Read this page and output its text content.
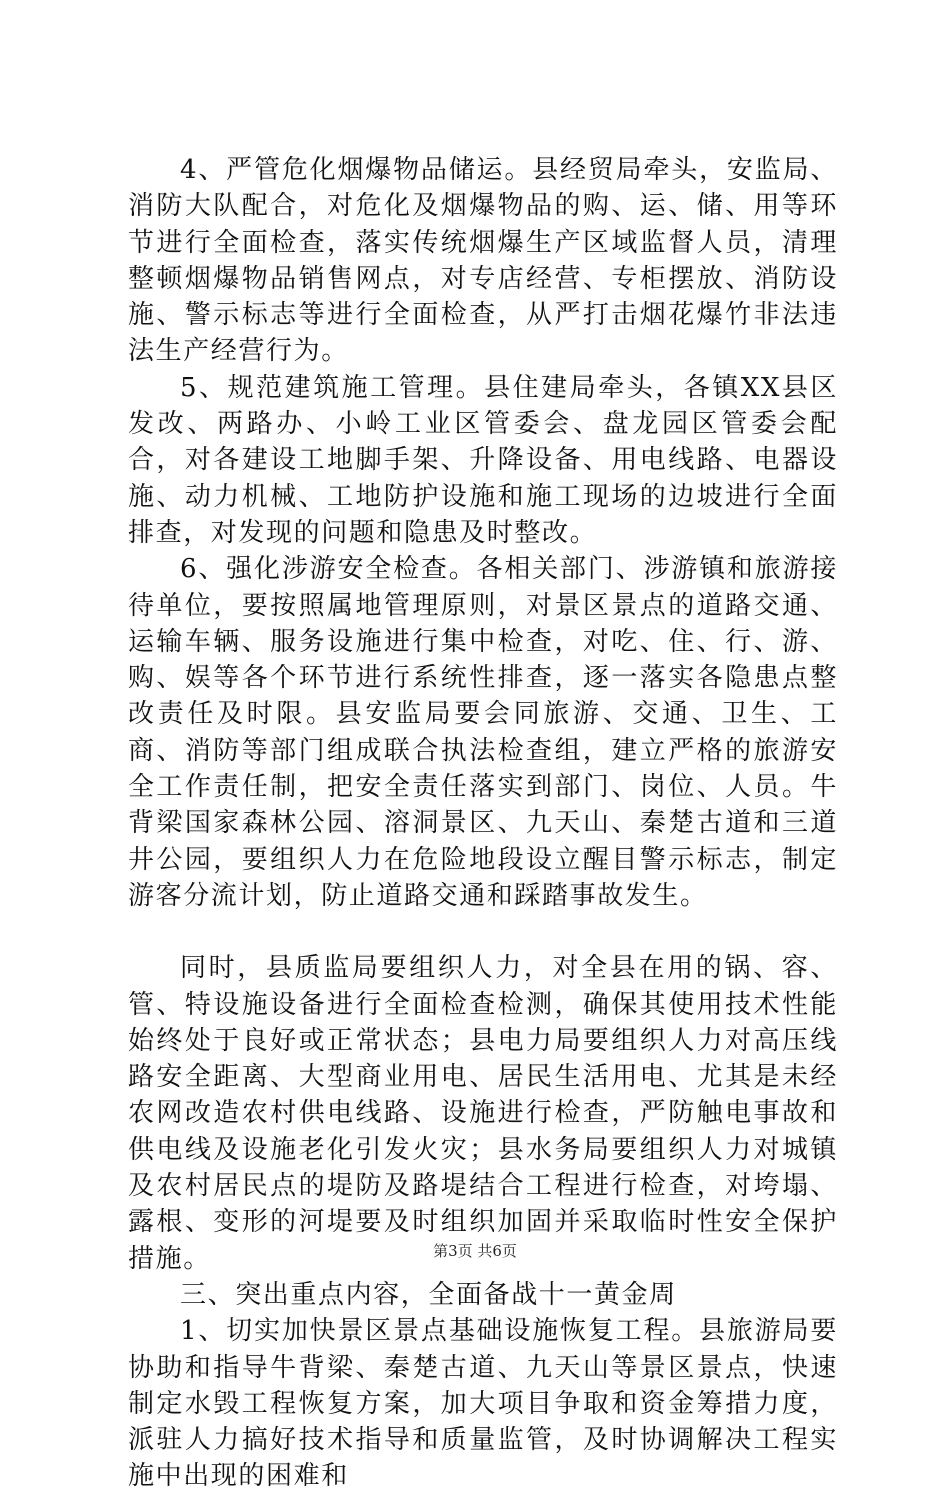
4、严管危化烟爆物品储运。县经贸局牵头，安监局、消防大队配合，对危化及烟爆物品的购、运、储、用等环节进行全面检查，落实传统烟爆生产区域监督人员，清理整顿烟爆物品销售网点，对专店经营、专柜摆放、消防设施、警示标志等进行全面检查，从严打击烟花爆竹非法违法生产经营行为。

5、规范建筑施工管理。县住建局牵头，各镇XX县区发改、两路办、小岭工业区管委会、盘龙园区管委会配合，对各建设工地脚手架、升降设备、用电线路、电器设施、动力机械、工地防护设施和施工现场的边坡进行全面排查，对发现的问题和隐患及时整改。

6、强化涉游安全检查。各相关部门、涉游镇和旅游接待单位，要按照属地管理原则，对景区景点的道路交通、运输车辆、服务设施进行集中检查，对吃、住、行、游、购、娱等各个环节进行系统性排查，逐一落实各隐患点整改责任及时限。县安监局要会同旅游、交通、卫生、工商、消防等部门组成联合执法检查组，建立严格的旅游安全工作责任制，把安全责任落实到部门、岗位、人员。牛背梁国家森林公园、溶洞景区、九天山、秦楚古道和三道井公园，要组织人力在危险地段设立醒目警示标志，制定游客分流计划，防止道路交通和踩踏事故发生。

同时，县质监局要组织人力，对全县在用的锅、容、管、特设施设备进行全面检查检测，确保其使用技术性能始终处于良好或正常状态；县电力局要组织人力对高压线路安全距离、大型商业用电、居民生活用电、尤其是未经农网改造农村供电线路、设施进行检查，严防触电事故和供电线及设施老化引发火灾；县水务局要组织人力对城镇及农村居民点的堤防及路堤结合工程进行检查，对垮塌、露根、变形的河堤要及时组织加固并采取临时性安全保护措施。

三、突出重点内容，全面备战十一黄金周

1、切实加快景区景点基础设施恢复工程。县旅游局要协助和指导牛背梁、秦楚古道、九天山等景区景点，快速制定水毁工程恢复方案，加大项目争取和资金筹措力度，派驻人力搞好技术指导和质量监管，及时协调解决工程实施中出现的困难和

第3页 共6页
